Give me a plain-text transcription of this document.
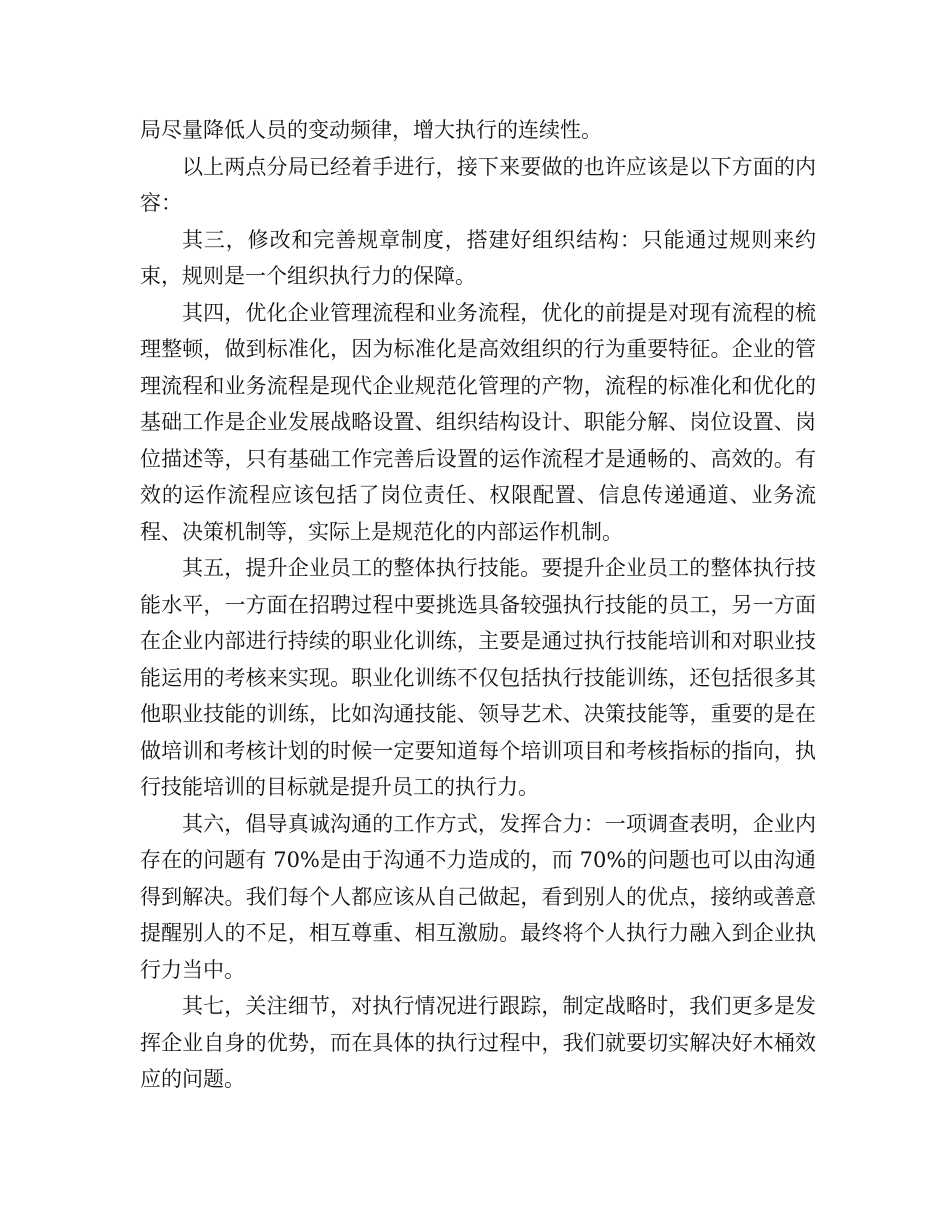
局尽量降低人员的变动频律，增大执行的连续性。

以上两点分局已经着手进行，接下来要做的也许应该是以下方面的内容：

其三，修改和完善规章制度，搭建好组织结构：只能通过规则来约束，规则是一个组织执行力的保障。

其四，优化企业管理流程和业务流程，优化的前提是对现有流程的梳理整顿，做到标准化，因为标准化是高效组织的行为重要特征。企业的管理流程和业务流程是现代企业规范化管理的产物，流程的标准化和优化的基础工作是企业发展战略设置、组织结构设计、职能分解、岗位设置、岗位描述等，只有基础工作完善后设置的运作流程才是通畅的、高效的。有效的运作流程应该包括了岗位责任、权限配置、信息传递通道、业务流程、决策机制等，实际上是规范化的内部运作机制。

其五，提升企业员工的整体执行技能。要提升企业员工的整体执行技能水平，一方面在招聘过程中要挑选具备较强执行技能的员工，另一方面在企业内部进行持续的职业化训练，主要是通过执行技能培训和对职业技能运用的考核来实现。职业化训练不仅包括执行技能训练，还包括很多其他职业技能的训练，比如沟通技能、领导艺术、决策技能等，重要的是在做培训和考核计划的时候一定要知道每个培训项目和考核指标的指向，执行技能培训的目标就是提升员工的执行力。

其六，倡导真诚沟通的工作方式，发挥合力：一项调查表明，企业内存在的问题有 70%是由于沟通不力造成的，而 70%的问题也可以由沟通得到解决。我们每个人都应该从自己做起，看到别人的优点，接纳或善意提醒别人的不足，相互尊重、相互激励。最终将个人执行力融入到企业执行力当中。

其七，关注细节，对执行情况进行跟踪，制定战略时，我们更多是发挥企业自身的优势，而在具体的执行过程中，我们就要切实解决好木桶效应的问题。
